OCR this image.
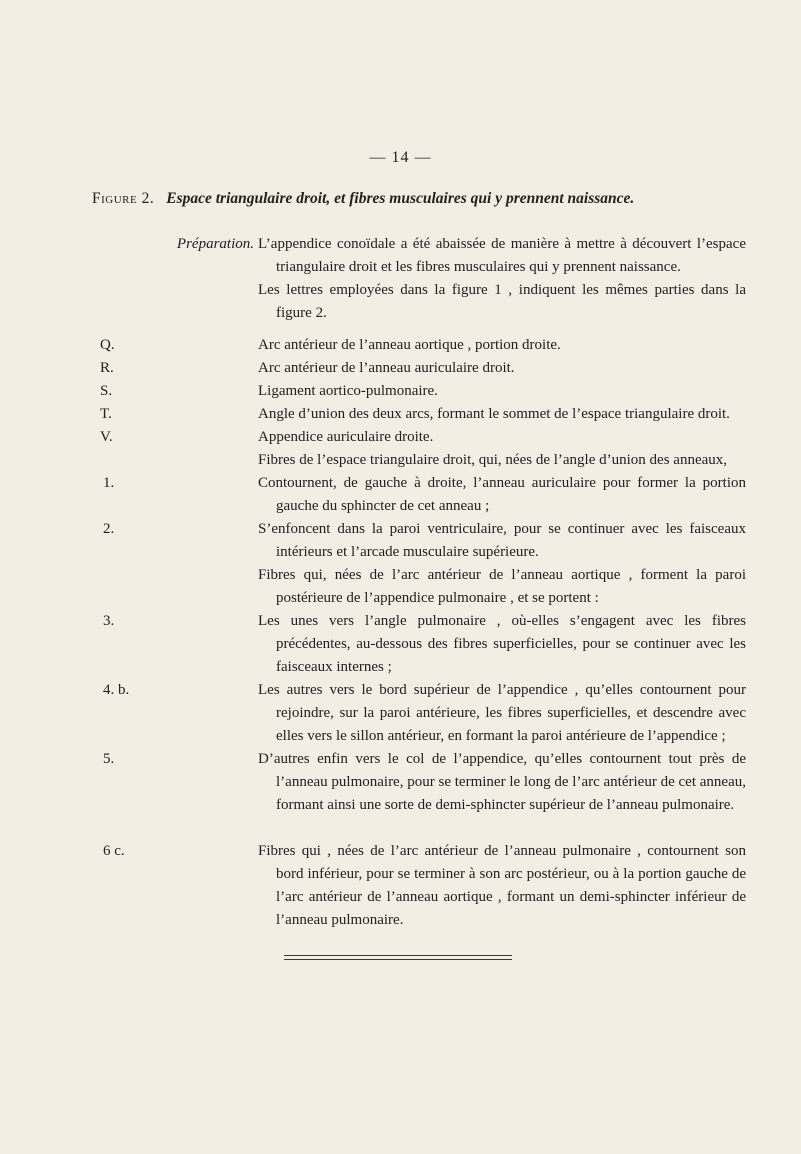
— 14 —
Figure 2. Espace triangulaire droit, et fibres musculaires qui y prennent naissance.
Préparation. L’appendice conoïdale a été abaissée de manière à mettre à découvert l’espace triangulaire droit et les fibres musculaires qui y prennent naissance.
Les lettres employées dans la figure 1 , indiquent les mêmes parties dans la figure 2.
Q.	Arc antérieur de l’anneau aortique , portion droite.
R.	Arc antérieur de l’anneau auriculaire droit.
S.	Ligament aortico-pulmonaire.
T.	Angle d’union des deux arcs, formant le sommet de l’espace triangulaire droit.
V.	Appendice auriculaire droite.
Fibres de l’espace triangulaire droit, qui, nées de l’angle d’union des anneaux,
1.	Contournent, de gauche à droite, l’anneau auriculaire pour former la portion gauche du sphincter de cet anneau ;
2.	S’enfoncent dans la paroi ventriculaire, pour se continuer avec les faisceaux intérieurs et l’arcade musculaire supérieure.
Fibres qui, nées de l’arc antérieur de l’anneau aortique , forment la paroi postérieure de l’appendice pulmonaire , et se portent :
3.	Les unes vers l’angle pulmonaire , où-elles s’engagent avec les fibres précédentes, au-dessous des fibres superficielles, pour se continuer avec les faisceaux internes ;
4. b.	Les autres vers le bord supérieur de l’appendice , qu’elles contournent pour rejoindre, sur la paroi antérieure, les fibres superficielles, et descendre avec elles vers le sillon antérieur, en formant la paroi antérieure de l’appendice ;
5.	D’autres enfin vers le col de l’appendice, qu’elles contournent tout près de l’anneau pulmonaire, pour se terminer le long de l’arc antérieur de cet anneau, formant ainsi une sorte de demi-sphincter supérieur de l’anneau pulmonaire.
6 c.	Fibres qui , nées de l’arc antérieur de l’anneau pulmonaire , contournent son bord inférieur, pour se terminer à son arc postérieur, ou à la portion gauche de l’arc antérieur de l’anneau aortique , formant un demi-sphincter inférieur de l’anneau pulmonaire.
